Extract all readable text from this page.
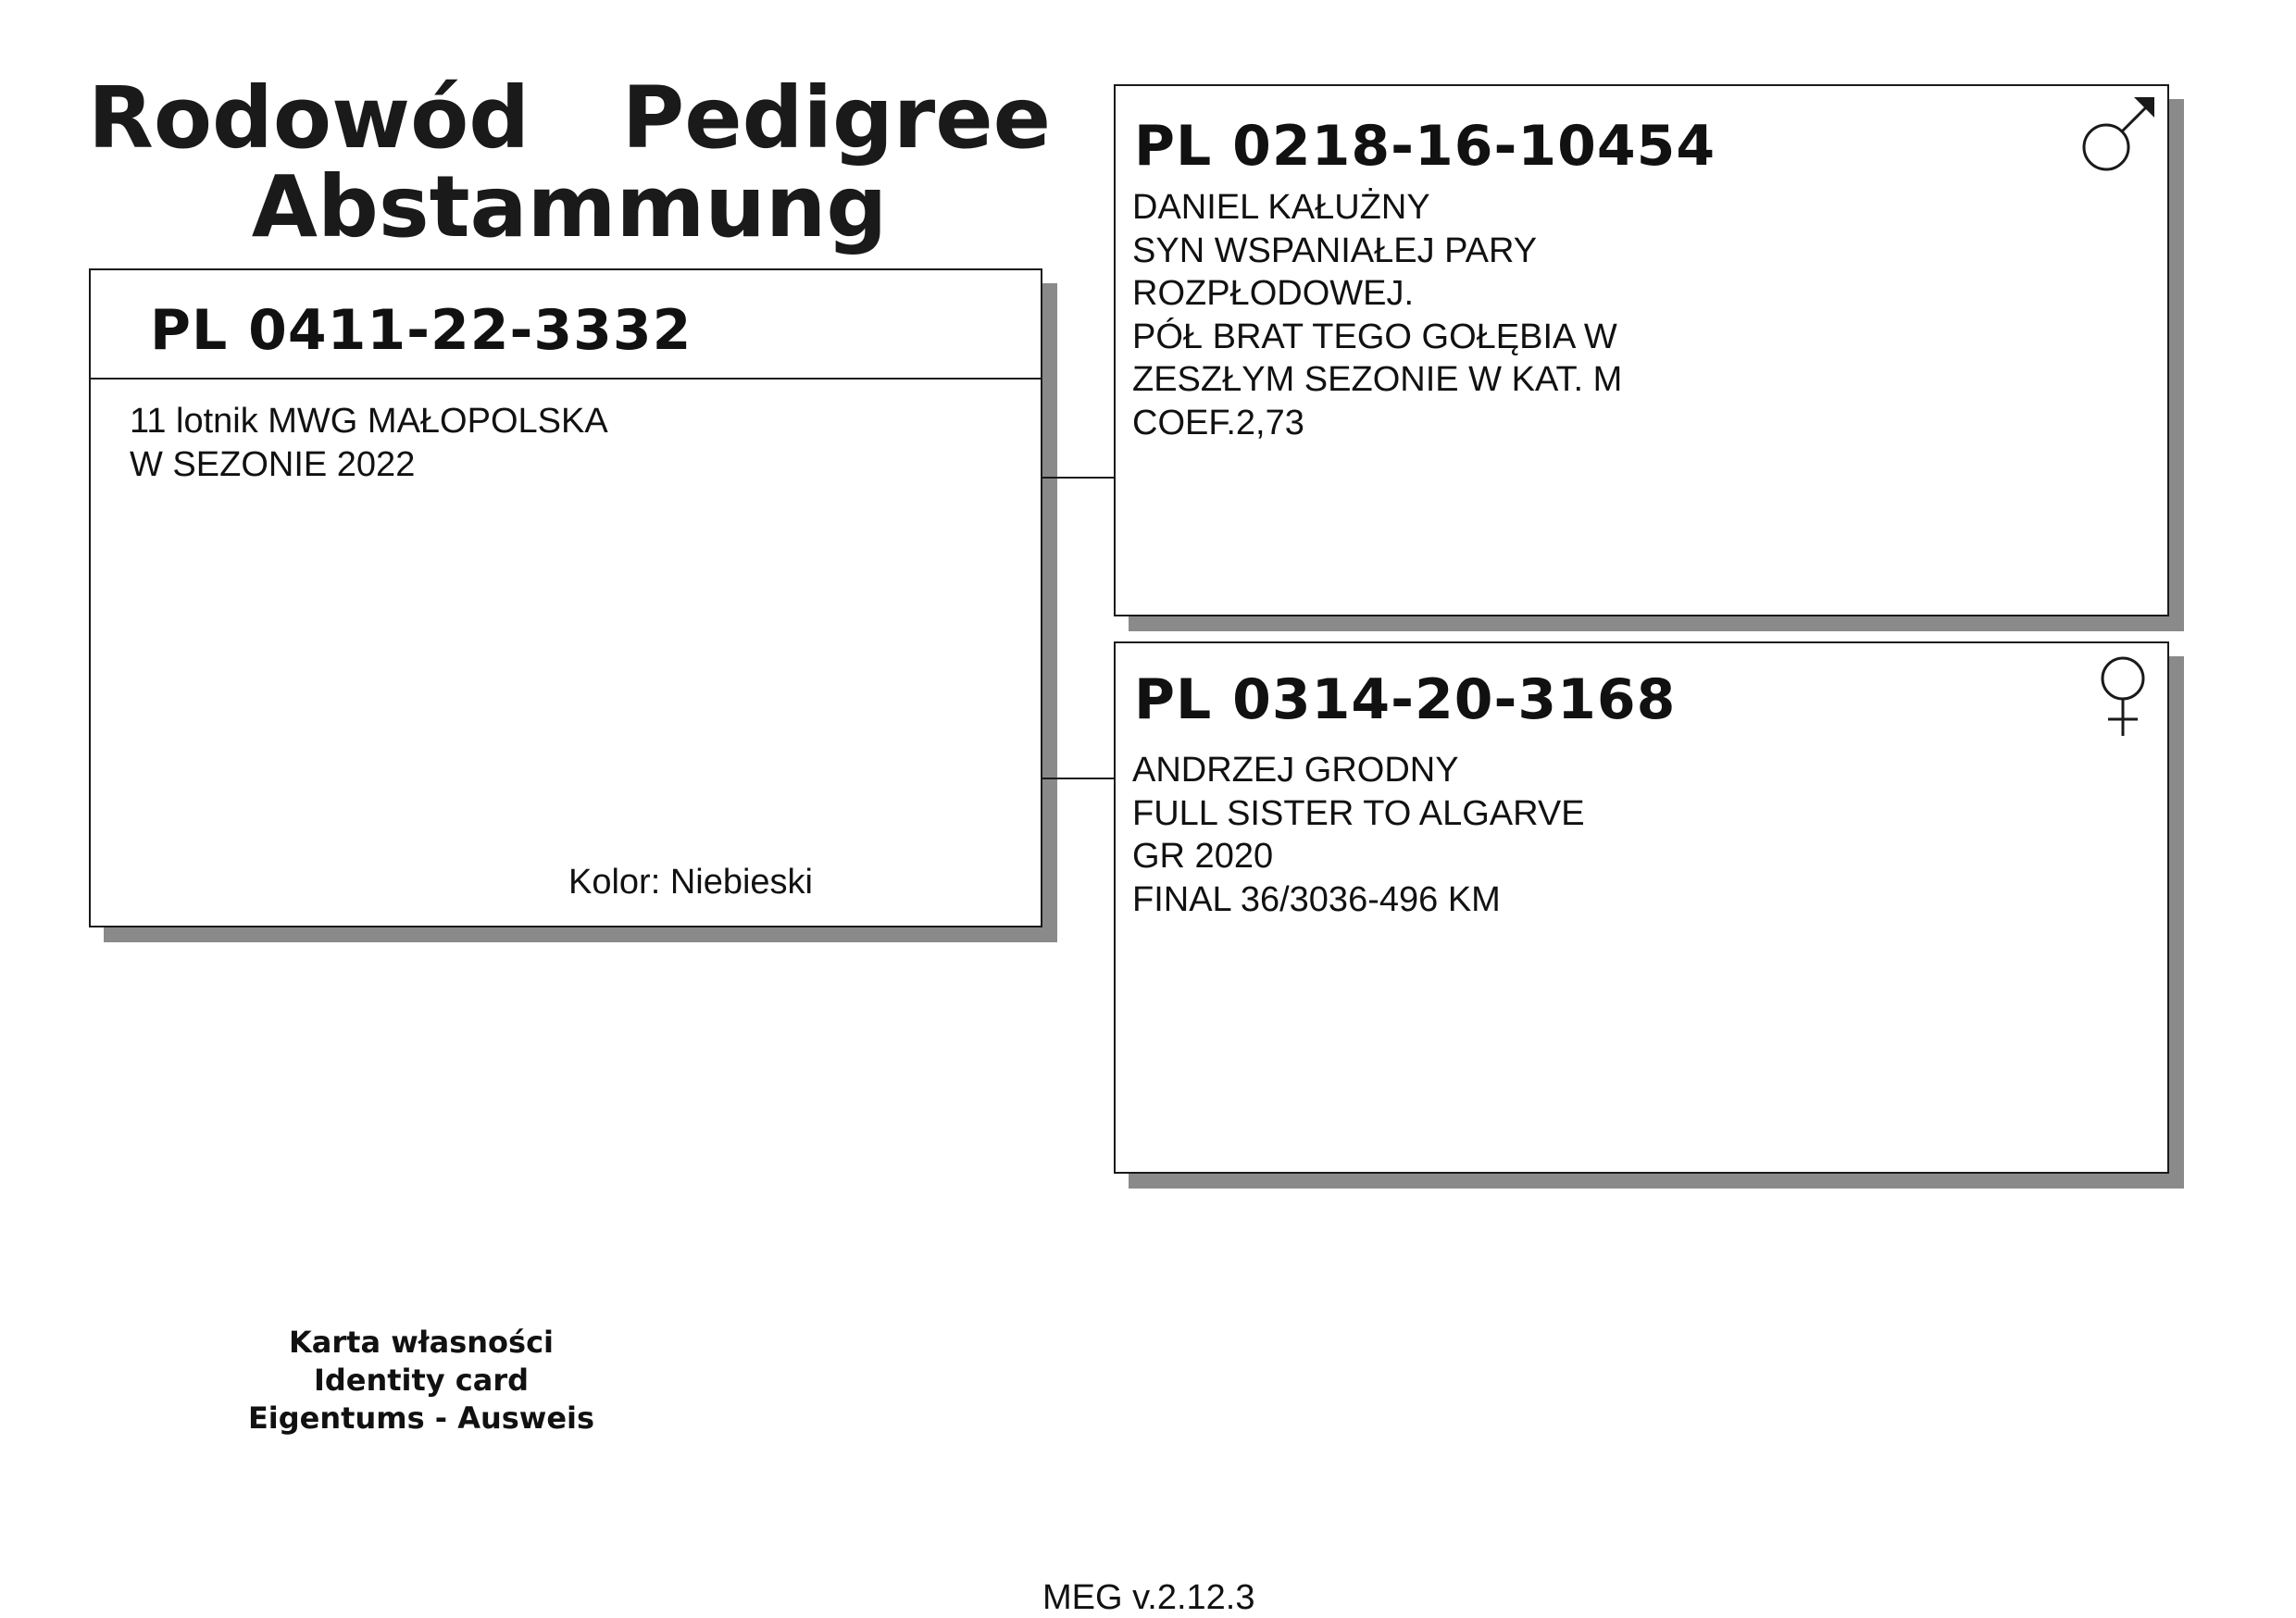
Rodowód Pedigree
Abstammung
PL 0411-22-3332
11 lotnik MWG MAŁOPOLSKA
W SEZONIE 2022
Kolor: Niebieski
PL 0218-16-10454
DANIEL KAŁUŻNY
SYN WSPANIAŁEJ PARY
ROZPŁODOWEJ.
PÓŁ BRAT TEGO GOŁĘBIA W
ZESZŁYM SEZONIE W KAT. M
COEF.2,73
PL 0314-20-3168
ANDRZEJ GRODNY
FULL SISTER TO ALGARVE
GR 2020
FINAL 36/3036-496 KM
Karta własności
Identity card
Eigentums - Ausweis
MEG v.2.12.3
